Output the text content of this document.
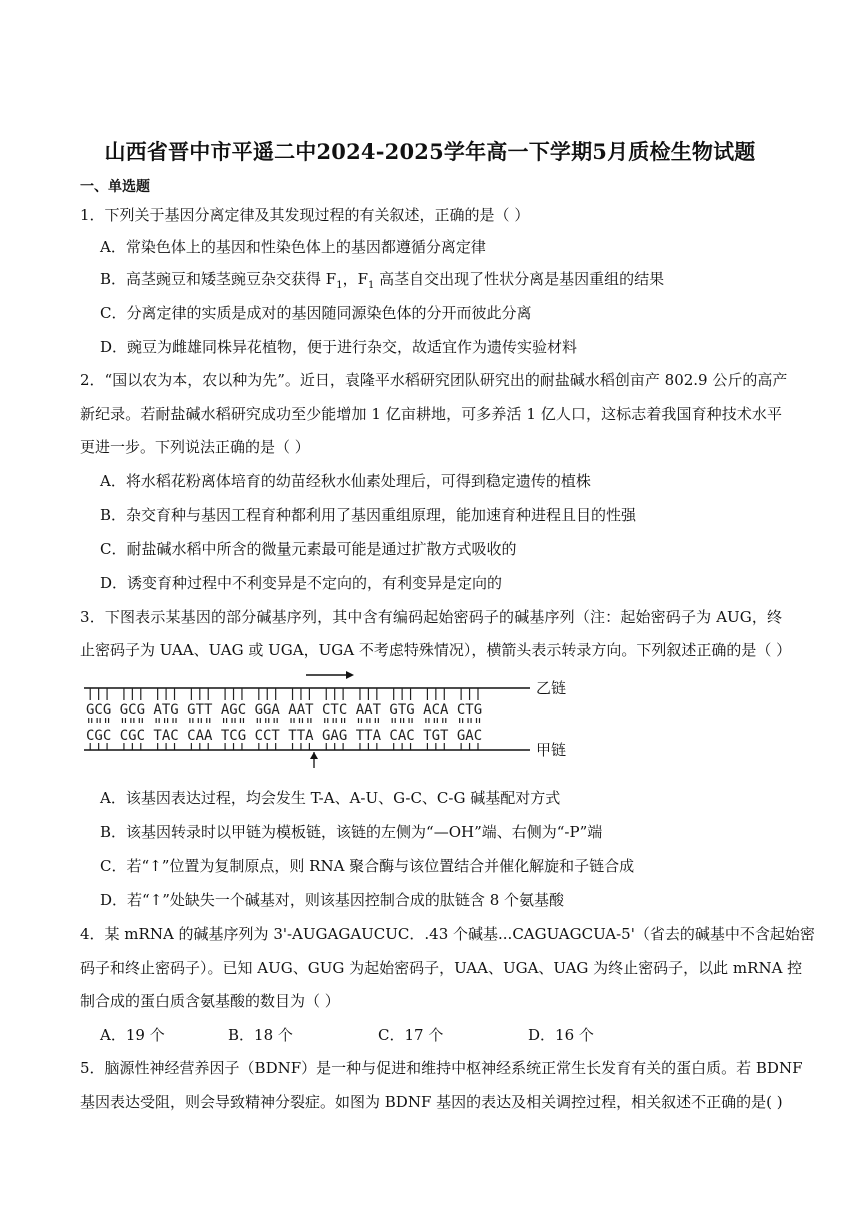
山西省晋中市平遥二中2024-2025学年高一下学期5月质检生物试题
一、单选题
1．下列关于基因分离定律及其发现过程的有关叙述，正确的是（ ）
A．常染色体上的基因和性染色体上的基因都遵循分离定律
B．高茎豌豆和矮茎豌豆杂交获得 $F_1$，$F_1$ 高茎自交出现了性状分离是基因重组的结果
C．分离定律的实质是成对的基因随同源染色体的分开而彼此分离
D．豌豆为雌雄同株异花植物，便于进行杂交，故适宜作为遗传实验材料
2．“国以农为本，农以种为先”。近日，袁隆平水稻研究团队研究出的耐盐碱水稻创亩产 802.9 公斤的高产
新纪录。若耐盐碱水稻研究成功至少能增加 1 亿亩耕地，可多养活 1 亿人口，这标志着我国育种技术水平
更进一步。下列说法正确的是（ ）
A．将水稻花粉离体培育的幼苗经秋水仙素处理后，可得到稳定遗传的植株
B．杂交育种与基因工程育种都利用了基因重组原理，能加速育种进程且目的性强
C．耐盐碱水稻中所含的微量元素最可能是通过扩散方式吸收的
D．诱变育种过程中不利变异是不定向的，有利变异是定向的
3．下图表示某基因的部分碱基序列，其中含有编码起始密码子的碱基序列（注：起始密码子为 AUG，终
止密码子为 UAA、UAG 或 UGA，UGA 不考虑特殊情况），横箭头表示转录方向。下列叙述正确的是（ ）
乙链
GCG GCG ATG GTT AGC GGA AAT CTC AAT GTG ACA CTG
CGC CGC TAC CAA TCG CCT TTA GAG TTA CAC TGT GAC
甲链
A．该基因表达过程，均会发生 T-A、A-U、G-C、C-G 碱基配对方式
B．该基因转录时以甲链为模板链，该链的左侧为“—OH”端、右侧为“-P”端
C．若“↑”位置为复制原点，则 RNA 聚合酶与该位置结合并催化解旋和子链合成
D．若“↑”处缺失一个碱基对，则该基因控制合成的肽链含 8 个氨基酸
4．某 mRNA 的碱基序列为 3'-AUGAGAUCUC．.43 个碱基...CAGUAGCUA-5'（省去的碱基中不含起始密
码子和终止密码子）。已知 AUG、GUG 为起始密码子，UAA、UGA、UAG 为终止密码子，以此 mRNA 控
制合成的蛋白质含氨基酸的数目为（ ）
A．19 个	B．18 个	C．17 个	D．16 个
5．脑源性神经营养因子（BDNF）是一种与促进和维持中枢神经系统正常生长发育有关的蛋白质。若 BDNF
基因表达受阻，则会导致精神分裂症。如图为 BDNF 基因的表达及相关调控过程，相关叙述不正确的是( )
